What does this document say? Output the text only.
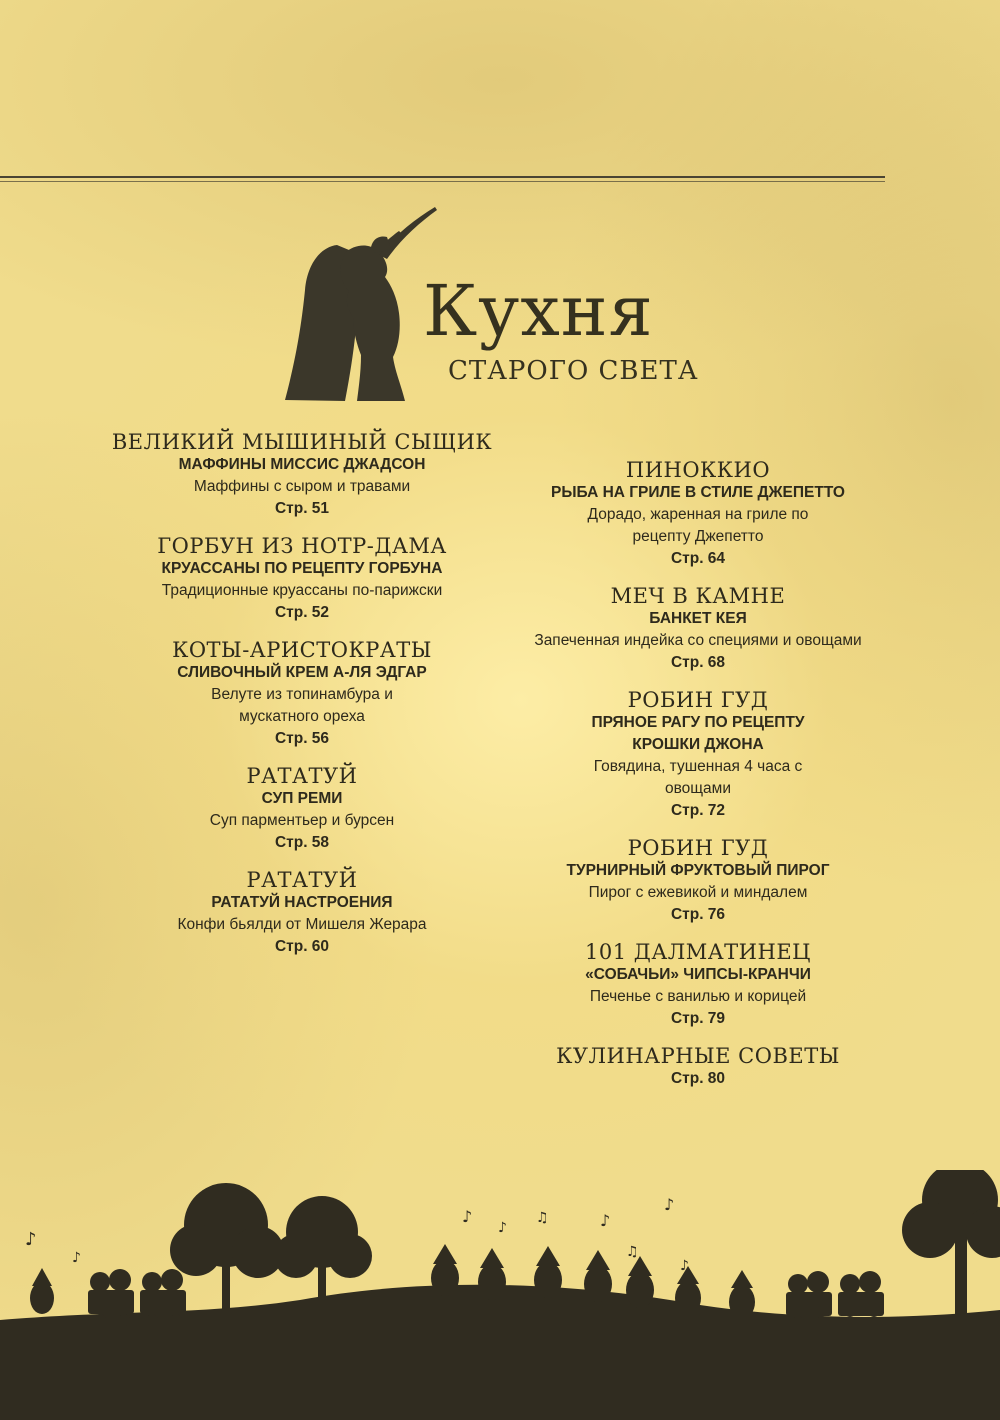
Кухня
СТАРОГО СВЕТА
ВЕЛИКИЙ МЫШИНЫЙ СЫЩИК
МАФФИНЫ МИССИС ДЖАДСОН
Маффины с сыром и травами
Стр. 51
ГОРБУН ИЗ НОТР-ДАМА
КРУАССАНЫ ПО РЕЦЕПТУ ГОРБУНА
Традиционные круассаны по-парижски
Стр. 52
КОТЫ-АРИСТОКРАТЫ
СЛИВОЧНЫЙ КРЕМ А-ЛЯ ЭДГАР
Велуте из топинамбура и мускатного ореха
Стр. 56
РАТАТУЙ
СУП РЕМИ
Суп парментьер и бурсен
Стр. 58
РАТАТУЙ
РАТАТУЙ НАСТРОЕНИЯ
Конфи бьялди от Мишеля Жерара
Стр. 60
ПИНОККИО
РЫБА НА ГРИЛЕ В СТИЛЕ ДЖЕПЕТТО
Дорадо, жаренная на гриле по рецепту Джепетто
Стр. 64
МЕЧ В КАМНЕ
БАНКЕТ КЕЯ
Запеченная индейка со специями и овощами
Стр. 68
РОБИН ГУД
ПРЯНОЕ РАГУ ПО РЕЦЕПТУ КРОШКИ ДЖОНА
Говядина, тушенная 4 часа с овощами
Стр. 72
РОБИН ГУД
ТУРНИРНЫЙ ФРУКТОВЫЙ ПИРОГ
Пирог с ежевикой и миндалем
Стр. 76
101 ДАЛМАТИНЕЦ
«СОБАЧЬИ» ЧИПСЫ-КРАНЧИ
Печенье с ванилью и корицей
Стр. 79
КУЛИНАРНЫЕ СОВЕТЫ
Стр. 80
♪
♪
♪
♪
♫	♪
♫
♪
♪
